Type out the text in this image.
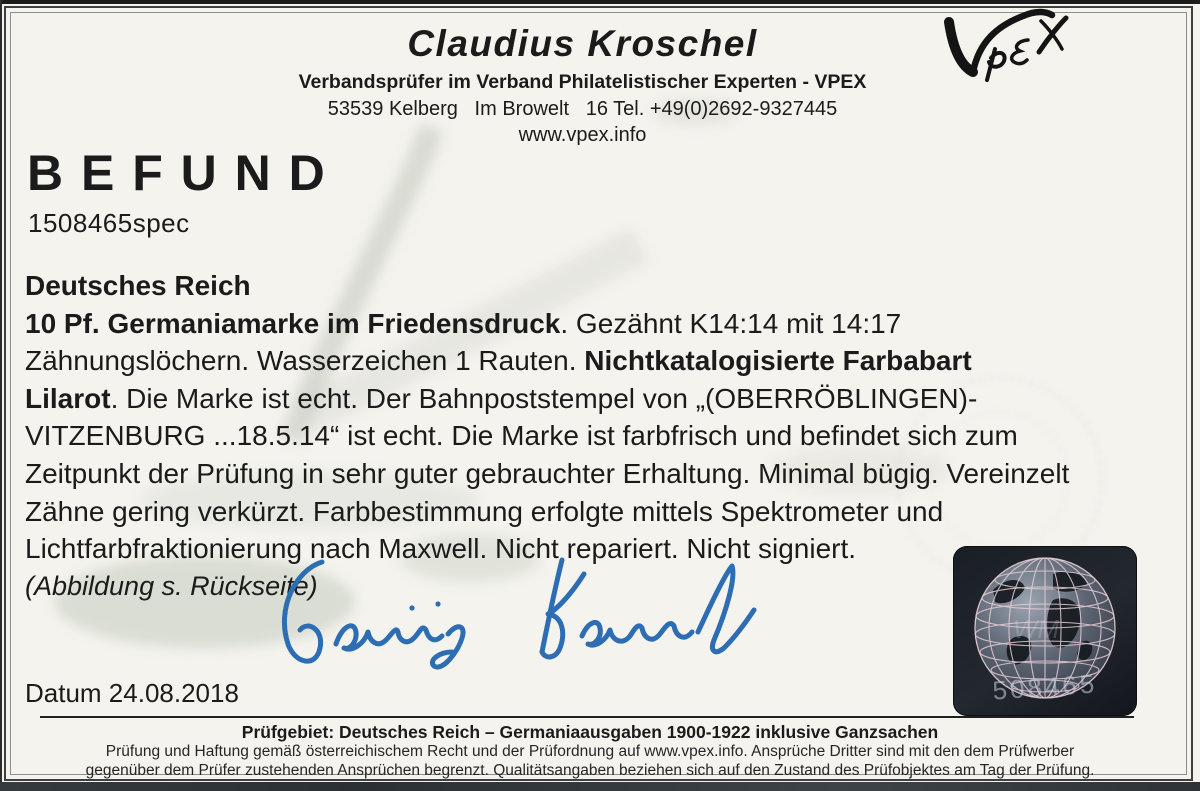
Claudius Kroschel
Verbandsprüfer im Verband Philatelistischer Experten - VPEX
53539 Kelberg   Im Browelt   16 Tel. +49(0)2692-9327445
www.vpex.info
B E F U N D
1508465spec
Deutsches Reich
10 Pf. Germaniamarke im Friedensdruck. Gezähnt K14:14 mit 14:17
Zähnungslöchern. Wasserzeichen 1 Rauten. Nichtkatalogisierte Farbabart
Lilarot. Die Marke ist echt. Der Bahnpoststempel von „(OBERRÖBLINGEN)-
VITZENBURG ...18.5.14“ ist echt. Die Marke ist farbfrisch und befindet sich zum
Zeitpunkt der Prüfung in sehr guter gebrauchter Erhaltung. Minimal bügig. Vereinzelt
Zähne gering verkürzt. Farbbestimmung erfolgte mittels Spektrometer und
Lichtfarbfraktionierung nach Maxwell. Nicht repariert. Nicht signiert.
(Abbildung s. Rückseite)
Datum 24.08.2018
WM
508465
Prüfgebiet: Deutsches Reich – Germaniaausgaben 1900-1922 inklusive Ganzsachen
Prüfung und Haftung gemäß österreichischem Recht und der Prüfordnung auf www.vpex.info. Ansprüche Dritter sind mit den dem Prüfwerber
gegenüber dem Prüfer zustehenden Ansprüchen begrenzt. Qualitätsangaben beziehen sich auf den Zustand des Prüfobjektes am Tag der Prüfung.
